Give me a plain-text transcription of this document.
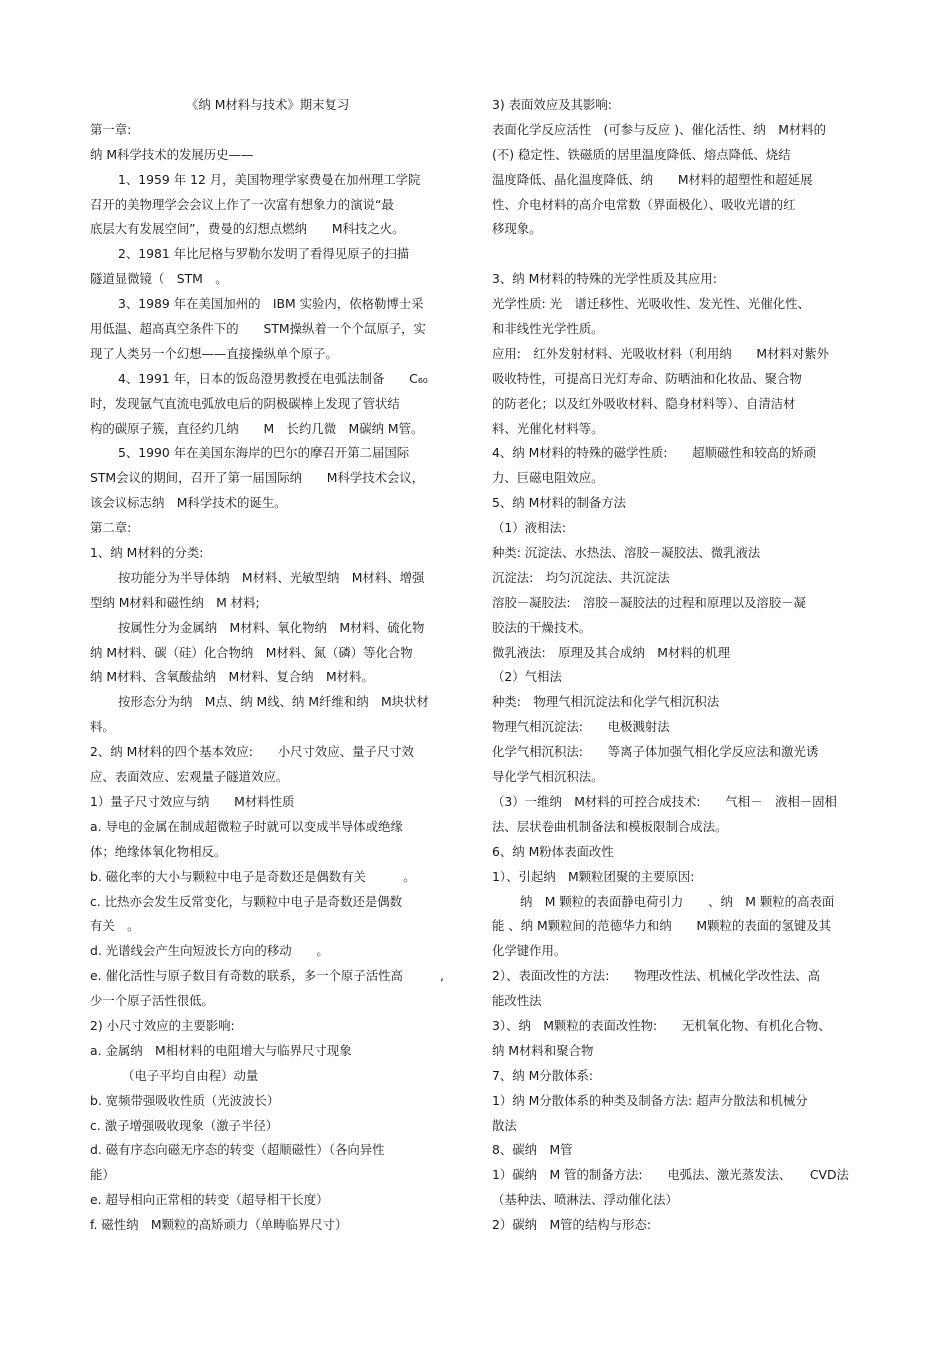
《纳 M材料与技术》期末复习
第一章:
纳 M科学技术的发展历史——
1、1959 年 12 月，美国物理学家费曼在加州理工学院
召开的美物理学会会议上作了一次富有想象力的演说“最
底层大有发展空间”，费曼的幻想点燃纳　　M科技之火。
2、1981 年比尼格与罗勒尔发明了看得见原子的扫描
隧道显微镜（　STM　。
3、1989 年在美国加州的　IBM 实验内，依格勒博士采
用低温、超高真空条件下的　　STM操纵着一个个氙原子，实
现了人类另一个幻想——直接操纵单个原子。
4、1991 年，日本的饭岛澄男教授在电弧法制备　　C₆₀
时，发现氩气直流电弧放电后的阴极碳棒上发现了管状结
构的碳原子簇，直径约几纳　　M　长约几微　M碳纳 M管。
5、1990 年在美国东海岸的巴尔的摩召开第二届国际
STM会议的期间，召开了第一届国际纳　　M科学技术会议，
该会议标志纳　M科学技术的诞生。
第二章:
1、纳 M材料的分类:
按功能分为半导体纳　M材料、光敏型纳　M材料、增强
型纳 M材料和磁性纳　M 材料;
按属性分为金属纳　M材料、氧化物纳　M材料、硫化物
纳 M材料、碳（硅）化合物纳　M材料、氮（磷）等化合物
纳 M材料、含氧酸盐纳　M材料、复合纳　M材料。
按形态分为纳　M点、纳 M线、纳 M纤维和纳　M块状材
料。
2、纳 M材料的四个基本效应:　　小尺寸效应、量子尺寸效
应、表面效应、宏观量子隧道效应。
1）量子尺寸效应与纳　　M材料性质
a. 导电的金属在制成超微粒子时就可以变成半导体或绝缘
体；绝缘体氧化物相反。
b. 磁化率的大小与颗粒中电子是奇数还是偶数有关　　　。
c. 比热亦会发生反常变化，与颗粒中电子是奇数还是偶数
有关　。
d. 光谱线会产生向短波长方向的移动　　。
e. 催化活性与原子数目有奇数的联系，多一个原子活性高　　　,
少一个原子活性很低。
2) 小尺寸效应的主要影响:
a. 金属纳　M相材料的电阻增大与临界尺寸现象
（电子平均自由程）动量
b. 宽频带强吸收性质（光波波长）
c. 激子增强吸收现象（激子半径）
d. 磁有序态向磁无序态的转变（超顺磁性）（各向异性
能）
e. 超导相向正常相的转变（超导相干长度）
f. 磁性纳　M颗粒的高矫顽力（单畴临界尺寸）
3) 表面效应及其影响:
表面化学反应活性　(可参与反应 )、催化活性、纳　M材料的
(不) 稳定性、铁磁质的居里温度降低、熔点降低、烧结
温度降低、晶化温度降低、纳　　M材料的超塑性和超延展
性、介电材料的高介电常数（界面极化）、吸收光谱的红
移现象。
3、纳 M材料的特殊的光学性质及其应用:
光学性质: 光　谱迁移性、光吸收性、发光性、光催化性、
和非线性光学性质。
应用:　红外发射材料、光吸收材料（利用纳　　M材料对紫外
吸收特性，可提高日光灯寿命、防晒油和化妆品、聚合物
的防老化；以及红外吸收材料、隐身材料等）、自清洁材
料、光催化材料等。
4、纳 M材料的特殊的磁学性质:　　超顺磁性和较高的矫顽
力、巨磁电阻效应。
5、纳 M材料的制备方法
（1）液相法:
种类: 沉淀法、水热法、溶胶－凝胶法、微乳液法
沉淀法:　均匀沉淀法、共沉淀法
溶胶－凝胶法:　溶胶－凝胶法的过程和原理以及溶胶－凝
胶法的干燥技术。
微乳液法:　原理及其合成纳　M材料的机理
（2）气相法
种类:　物理气相沉淀法和化学气相沉积法
物理气相沉淀法:　　电极溅射法
化学气相沉积法:　　等离子体加强气相化学反应法和激光诱
导化学气相沉积法。
（3）一维纳　M材料的可控合成技术:　　气相－　液相－固相
法、层状卷曲机制备法和模板限制合成法。
6、纳 M粉体表面改性
1）、引起纳　M颗粒团聚的主要原因:
纳　M 颗粒的表面静电荷引力　　、纳　M 颗粒的高表面
能 、纳 M颗粒间的范德华力和纳　　M颗粒的表面的氢键及其
化学键作用。
2）、表面改性的方法:　　物理改性法、机械化学改性法、高
能改性法
3）、纳　M颗粒的表面改性物:　　无机氧化物、有机化合物、
纳 M材料和聚合物
7、纳 M分散体系:
1）纳 M分散体系的种类及制备方法: 超声分散法和机械分
散法
8、碳纳　M管
1）碳纳　M 管的制备方法:　　电弧法、激光蒸发法、　　CVD法
（基种法、喷淋法、浮动催化法）
2）碳纳　M管的结构与形态:
